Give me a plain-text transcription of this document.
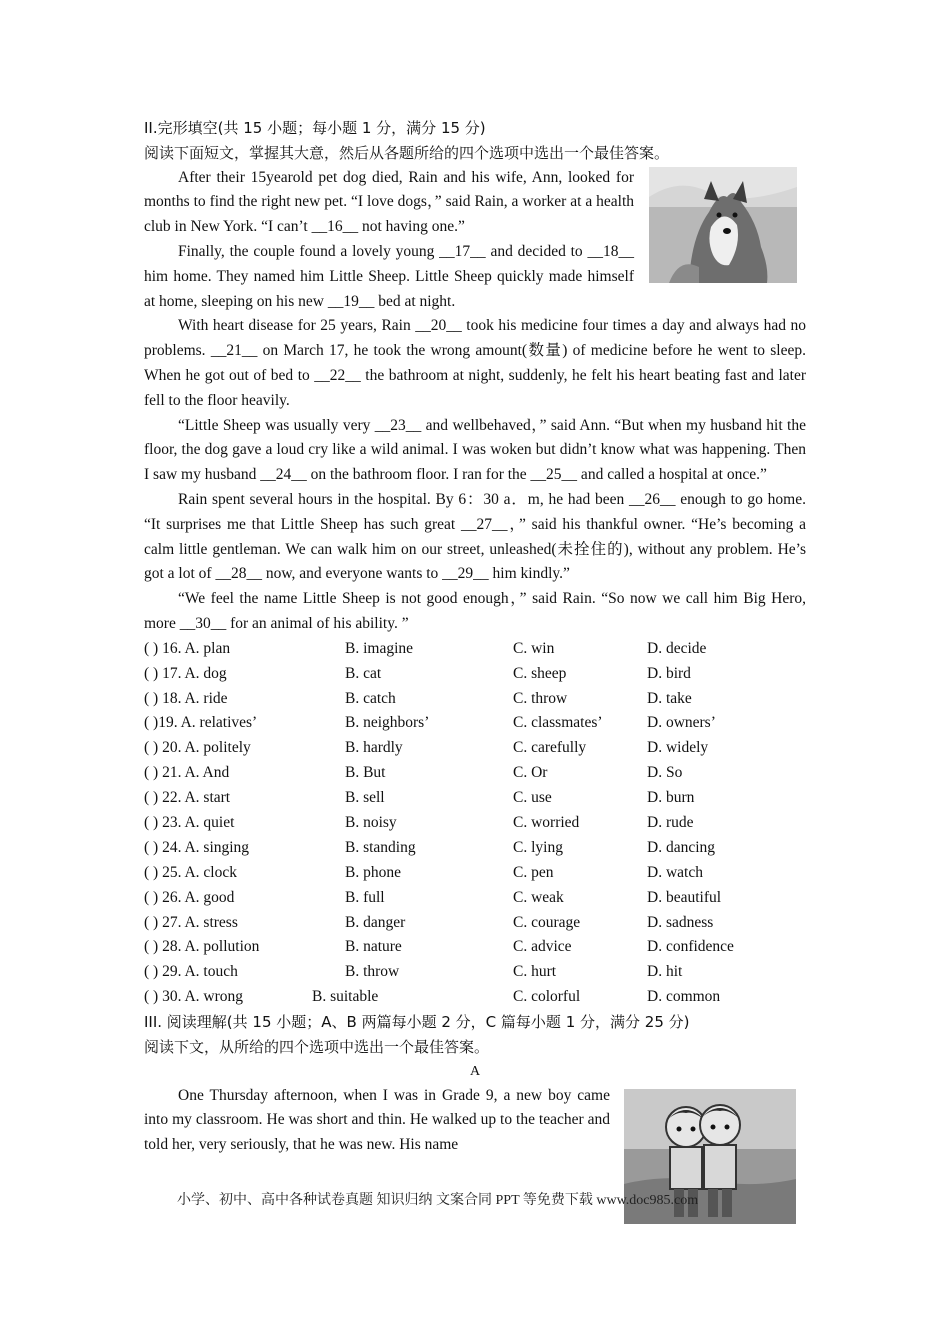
II.完形填空(共 15 小题；每小题 1 分，满分 15 分)
阅读下面短文，掌握其大意，然后从各题所给的四个选项中选出一个最佳答案。

After their 15yearold pet dog died, Rain and his wife, Ann, looked for months to find the right new pet. “I love dogs，” said Rain, a worker at a health club in New York. “I can’t __16__ not having one.”

Finally, the couple found a lovely young __17__ and decided to __18__ him home. They named him Little Sheep. Little Sheep quickly made himself at home, sleeping on his new __19__ bed at night.

With heart disease for 25 years, Rain __20__ took his medicine four times a day and always had no problems. __21__ on March 17, he took the wrong amount(数量) of medicine before he went to sleep. When he got out of bed to __22__ the bathroom at night, suddenly, he felt his heart beating fast and later fell to the floor heavily.

“Little Sheep was usually very __23__ and wellbehaved，” said Ann. “But when my husband hit the floor, the dog gave a loud cry like a wild animal. I was woken but didn’t know what was happening. Then I saw my husband __24__ on the bathroom floor. I ran for the __25__ and called a hospital at once.”

Rain spent several hours in the hospital. By 6：30 a．m, he had been __26__ enough to go home. “It surprises me that Little Sheep has such great __27__，” said his thankful owner. “He’s becoming a calm little gentleman. We can walk him on our street, unleashed(未拴住的), without any problem. He’s got a lot of __28__ now, and everyone wants to __29__ him kindly.”

“We feel the name Little Sheep is not good enough，” said Rain. “So now we call him Big Hero, more __30__ for an animal of his ability. ”

( ) 16. A. plan	B. imagine	C. win	D. decide
( ) 17. A. dog	B. cat	C. sheep	D. bird
( ) 18. A. ride	B. catch	C. throw	D. take
( )19. A. relatives’	B. neighbors’	C. classmates’	D. owners’
( ) 20. A. politely	B. hardly	C. carefully	D. widely
( ) 21. A. And	B. But	C. Or	D. So
( ) 22. A. start	B. sell	C. use	D. burn
( ) 23. A. quiet	B. noisy	C. worried	D. rude
( ) 24. A. singing	B. standing	C. lying	D. dancing
( ) 25. A. clock	B. phone	C. pen	D. watch
( ) 26. A. good	B. full	C. weak	D. beautiful
( ) 27. A. stress	B. danger	C. courage	D. sadness
( ) 28. A. pollution	B. nature	C. advice	D. confidence
( ) 29. A. touch	B. throw	C. hurt	D. hit
( ) 30. A. wrong	B. suitable	C. colorful	D. common
III. 阅读理解(共 15 小题；A、B 两篇每小题 2 分，C 篇每小题 1 分，满分 25 分)
阅读下文，从所给的四个选项中选出一个最佳答案。
A

One Thursday afternoon, when I was in Grade 9, a new boy came into my classroom. He was short and thin. He walked up to the teacher and told her, very seriously, that he was new. His name

小学、初中、高中各种试卷真题 知识归纳 文案合同 PPT 等免费下载 www.doc985.com
